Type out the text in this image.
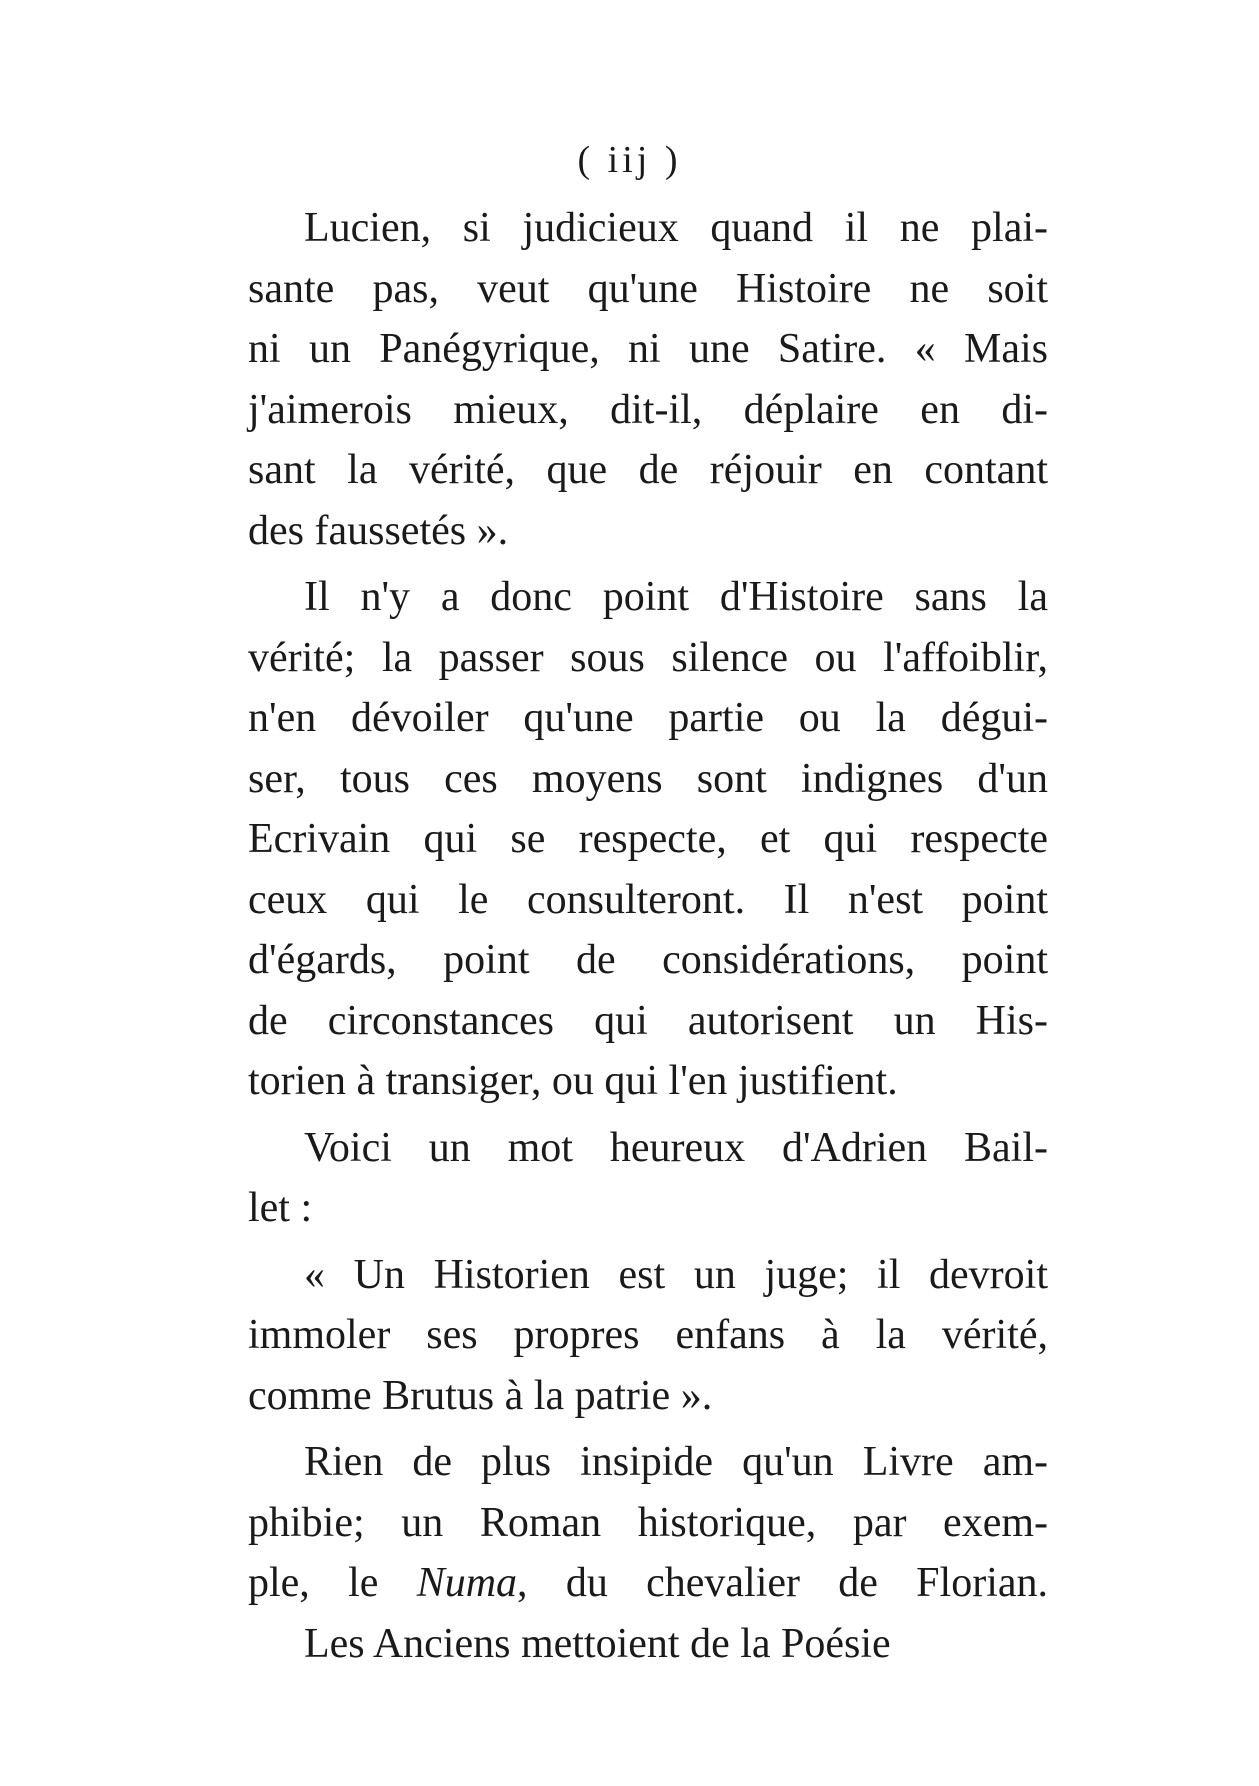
( iij )
Lucien, si judicieux quand il ne plai-
sante pas, veut qu'une Histoire ne soit
ni un Panégyrique, ni une Satire. « Mais
j'aimerois mieux, dit-il, déplaire en di-
sant la vérité, que de réjouir en contant
des faussetés ».
Il n'y a donc point d'Histoire sans la
vérité; la passer sous silence ou l'affoiblir,
n'en dévoiler qu'une partie ou la dégui-
ser, tous ces moyens sont indignes d'un
Ecrivain qui se respecte, et qui respecte
ceux qui le consulteront. Il n'est point
d'égards, point de considérations, point
de circonstances qui autorisent un His-
torien à transiger, ou qui l'en justifient.
Voici un mot heureux d'Adrien Bail-
let :
« Un Historien est un juge; il devroit
immoler ses propres enfans à la vérité,
comme Brutus à la patrie ».
Rien de plus insipide qu'un Livre am-
phibie; un Roman historique, par exem-
ple, le Numa, du chevalier de Florian.
Les Anciens mettoient de la Poésie
